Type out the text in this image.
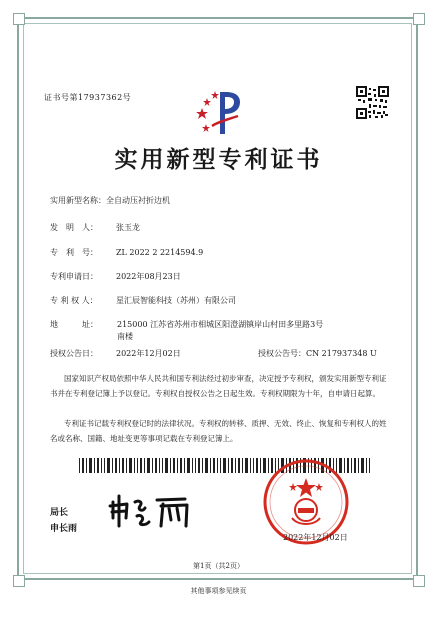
证书号第17937362号
实用新型专利证书
实用新型名称：全自动压衬折边机
发　明　人： 张玉龙
专　利　号： ZL 2022 2 2214594.9
专利申请日： 2022年08月23日
专 利 权 人： 星汇辰智能科技（苏州）有限公司
地　　　址： 215000 江苏省苏州市相城区阳澄湖镇岸山村田多里路3号
南楼
授权公告日： 2022年12月02日	授权公告号：CN 217937348 U
国家知识产权局依照中华人民共和国专利法经过初步审查，决定授予专利权，颁发实用新型专利证书并在专利登记簿上予以登记。专利权自授权公告之日起生效。专利权期限为十年，自申请日起算。
专利证书记载专利权登记时的法律状况。专利权的转移、质押、无效、终止、恢复和专利权人的姓名或名称、国籍、地址变更等事项记载在专利登记簿上。
局长
申长雨
2022年12月02日
第1页（共2页）
其他事项参见续页
